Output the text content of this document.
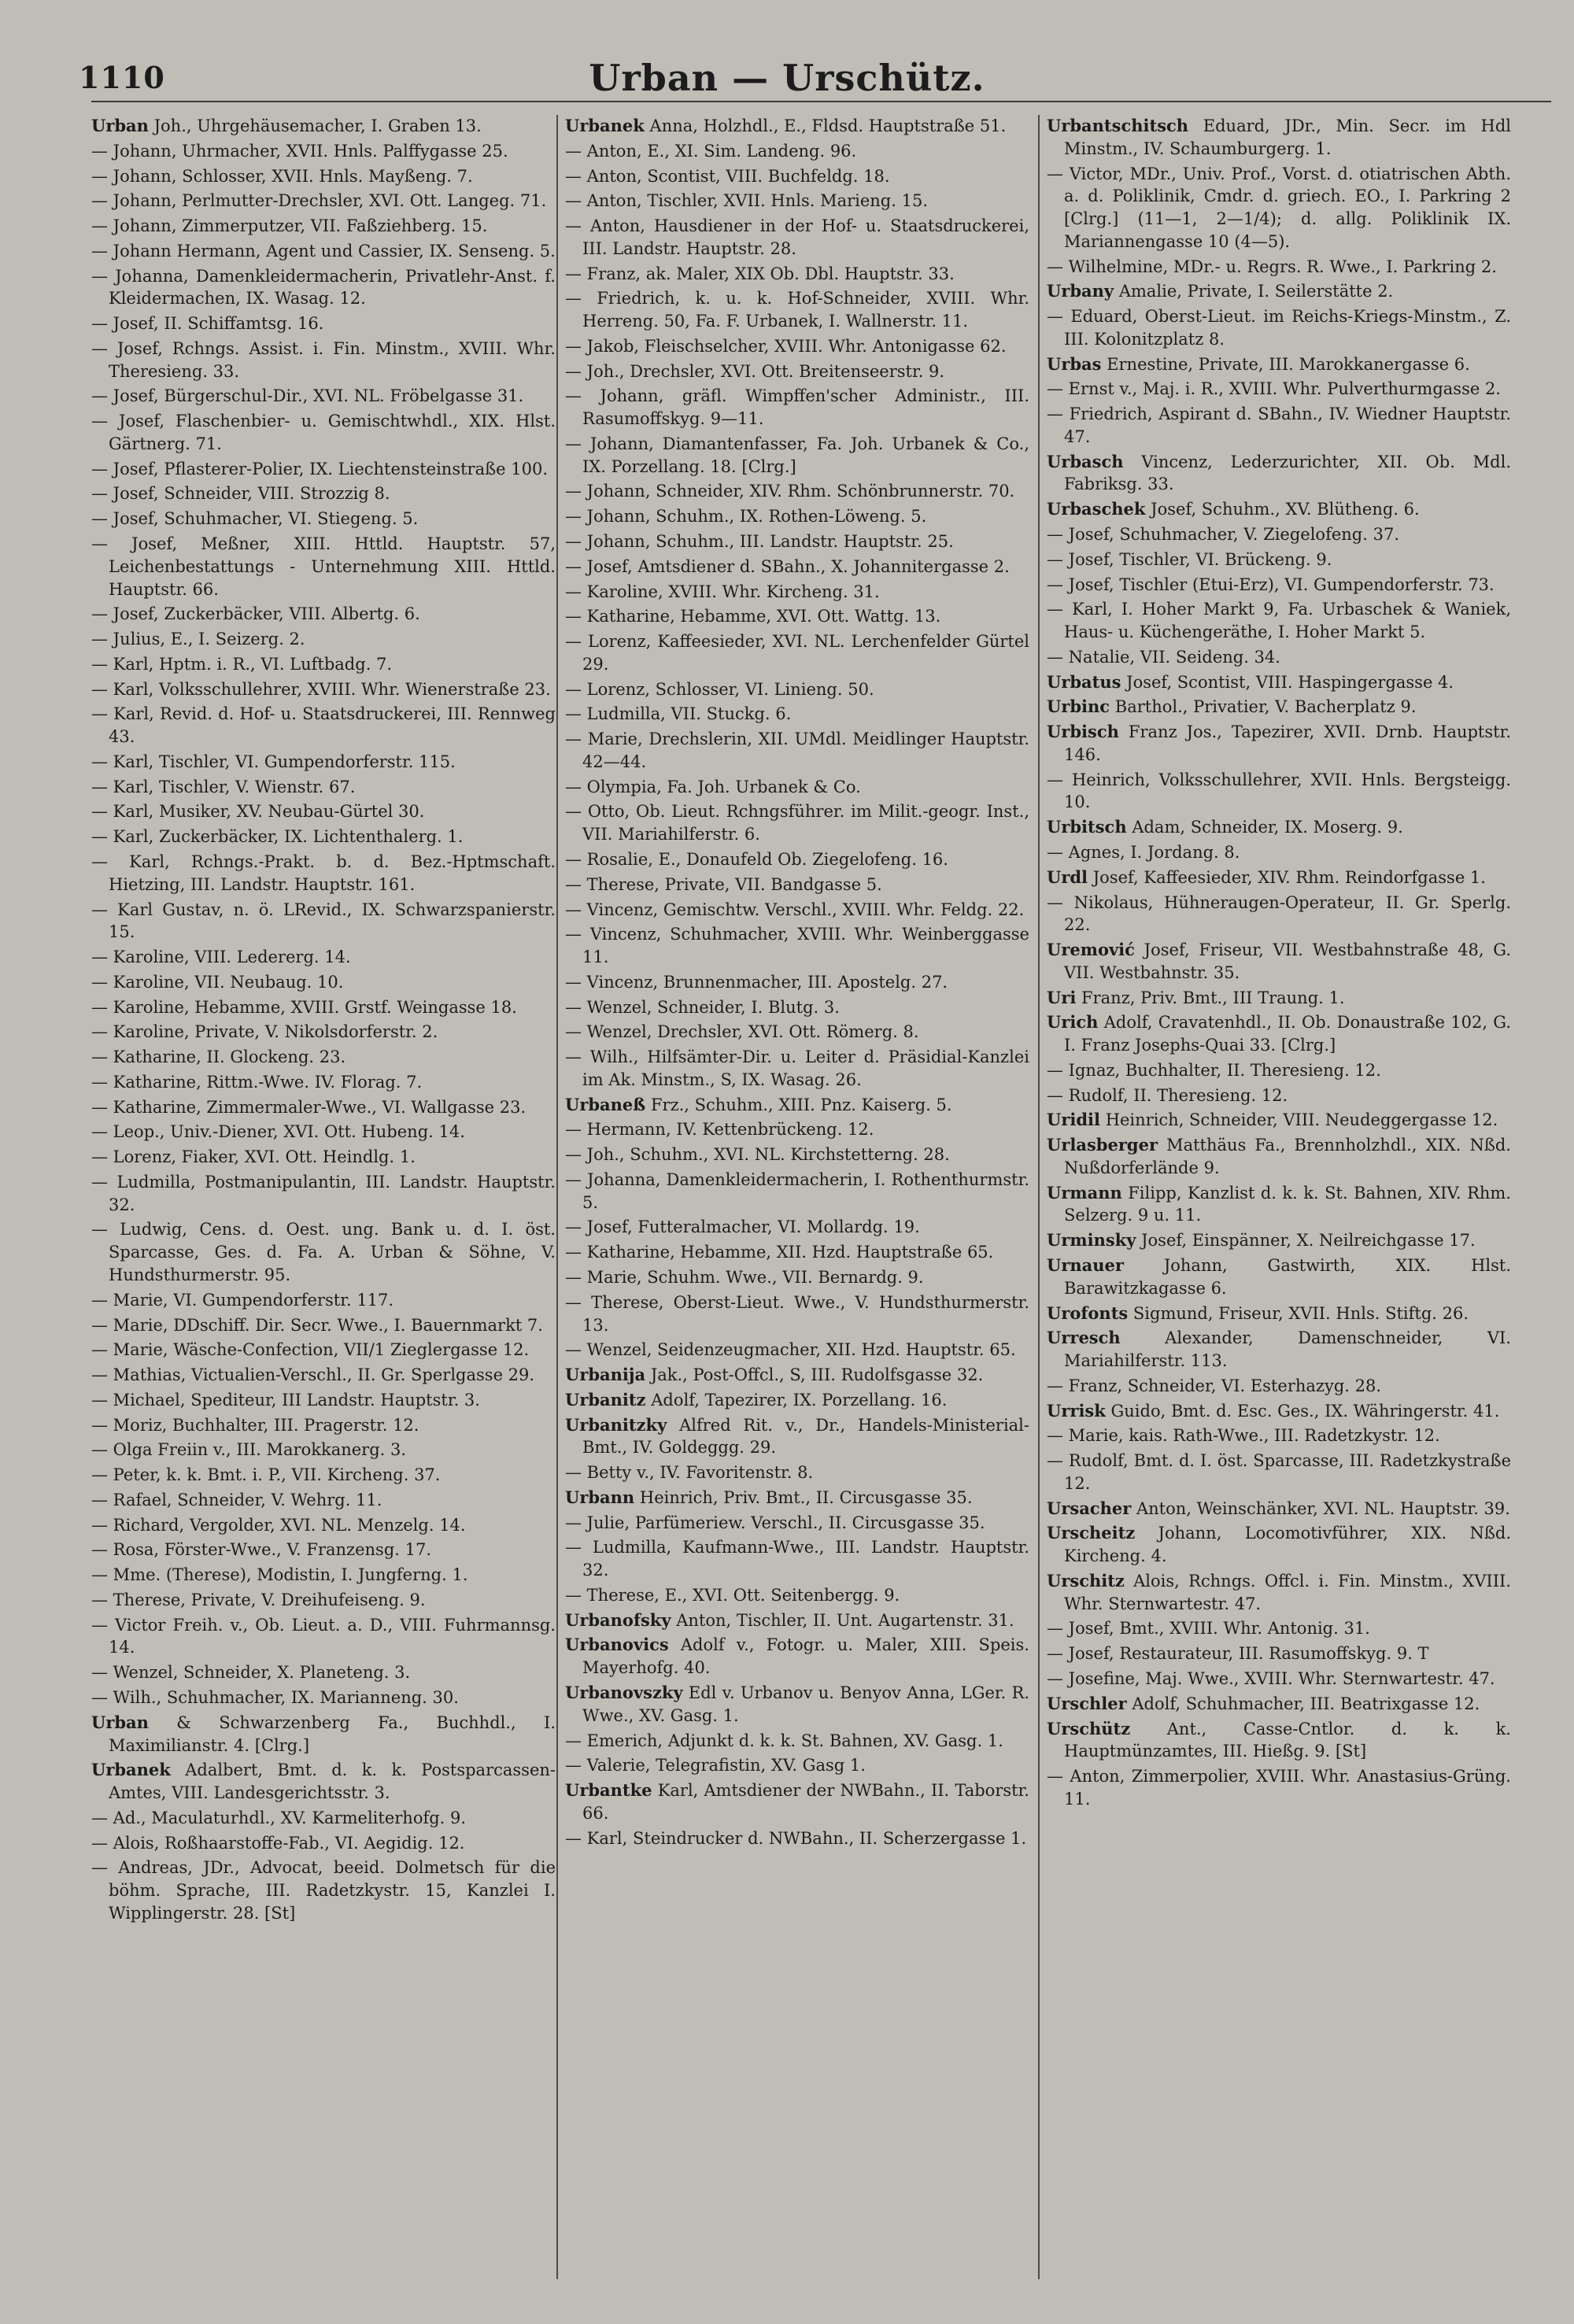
1110	Urban — Urschütz.

Urban Joh., Uhrgehäusemacher, I. Graben 13.

— Johann, Uhrmacher, XVII. Hnls. Palffygasse 25.

— Johann, Schlosser, XVII. Hnls. Mayßeng. 7.

— Johann, Perlmutter-Drechsler, XVI. Ott. Langeg. 71.

— Johann, Zimmerputzer, VII. Faßziehberg. 15.

— Johann Hermann, Agent und Cassier, IX. Senseng. 5.

— Johanna, Damenkleidermacherin, Privatlehr-Anst. f. Kleidermachen, IX. Wasag. 12.

— Josef, II. Schiffamtsg. 16.

— Josef, Rchngs. Assist. i. Fin. Minstm., XVIII. Whr. Theresieng. 33.

— Josef, Bürgerschul-Dir., XVI. NL. Fröbelgasse 31.

— Josef, Flaschenbier- u. Gemischtwhdl., XIX. Hlst. Gärtnerg. 71.

— Josef, Pflasterer-Polier, IX. Liechtensteinstraße 100.

— Josef, Schneider, VIII. Strozzig 8.

— Josef, Schuhmacher, VI. Stiegeng. 5.

— Josef, Meßner, XIII. Httld. Hauptstr. 57, Leichenbestattungs - Unternehmung XIII. Httld. Hauptstr. 66.

— Josef, Zuckerbäcker, VIII. Albertg. 6.

— Julius, E., I. Seizerg. 2.

— Karl, Hptm. i. R., VI. Luftbadg. 7.

— Karl, Volksschullehrer, XVIII. Whr. Wienerstraße 23.

— Karl, Revid. d. Hof- u. Staatsdruckerei, III. Rennweg 43.

— Karl, Tischler, VI. Gumpendorferstr. 115.

— Karl, Tischler, V. Wienstr. 67.

— Karl, Musiker, XV. Neubau-Gürtel 30.

— Karl, Zuckerbäcker, IX. Lichtenthalerg. 1.

— Karl, Rchngs.-Prakt. b. d. Bez.-Hptmschaft. Hietzing, III. Landstr. Hauptstr. 161.

— Karl Gustav, n. ö. LRevid., IX. Schwarzspanierstr. 15.

— Karoline, VIII. Ledererg. 14.

— Karoline, VII. Neubaug. 10.

— Karoline, Hebamme, XVIII. Grstf. Weingasse 18.

— Karoline, Private, V. Nikolsdorferstr. 2.

— Katharine, II. Glockeng. 23.

— Katharine, Rittm.-Wwe. IV. Florag. 7.

— Katharine, Zimmermaler-Wwe., VI. Wallgasse 23.

— Leop., Univ.-Diener, XVI. Ott. Hubeng. 14.

— Lorenz, Fiaker, XVI. Ott. Heindlg. 1.

— Ludmilla, Postmanipulantin, III. Landstr. Hauptstr. 32.

— Ludwig, Cens. d. Oest. ung. Bank u. d. I. öst. Sparcasse, Ges. d. Fa. A. Urban & Söhne, V. Hundsthurmerstr. 95.

— Marie, VI. Gumpendorferstr. 117.

— Marie, DDschiff. Dir. Secr. Wwe., I. Bauernmarkt 7.

— Marie, Wäsche-Confection, VII/1 Zieglergasse 12.

— Mathias, Victualien-Verschl., II. Gr. Sperlgasse 29.

— Michael, Spediteur, III Landstr. Hauptstr. 3.

— Moriz, Buchhalter, III. Pragerstr. 12.

— Olga Freiin v., III. Marokkanerg. 3.

— Peter, k. k. Bmt. i. P., VII. Kircheng. 37.

— Rafael, Schneider, V. Wehrg. 11.

— Richard, Vergolder, XVI. NL. Menzelg. 14.

— Rosa, Förster-Wwe., V. Franzensg. 17.

— Mme. (Therese), Modistin, I. Jungferng. 1.

— Therese, Private, V. Dreihufeiseng. 9.

— Victor Freih. v., Ob. Lieut. a. D., VIII. Fuhrmannsg. 14.

— Wenzel, Schneider, X. Planeteng. 3.

— Wilh., Schuhmacher, IX. Marianneng. 30.

Urban & Schwarzenberg Fa., Buchhdl., I. Maximilianstr. 4. [Clrg.]

Urbanek Adalbert, Bmt. d. k. k. Postsparcassen-Amtes, VIII. Landesgerichtsstr. 3.

— Ad., Maculaturhdl., XV. Karmeliterhofg. 9.

— Alois, Roßhaarstoffe-Fab., VI. Aegidig. 12.

— Andreas, JDr., Advocat, beeid. Dolmetsch für die böhm. Sprache, III. Radetzkystr. 15, Kanzlei I. Wipplingerstr. 28. [St]

Urbanek Anna, Holzhdl., E., Fldsd. Hauptstraße 51.

— Anton, E., XI. Sim. Landeng. 96.

— Anton, Scontist, VIII. Buchfeldg. 18.

— Anton, Tischler, XVII. Hnls. Marieng. 15.

— Anton, Hausdiener in der Hof- u. Staatsdruckerei, III. Landstr. Hauptstr. 28.

— Franz, ak. Maler, XIX Ob. Dbl. Hauptstr. 33.

— Friedrich, k. u. k. Hof-Schneider, XVIII. Whr. Herreng. 50, Fa. F. Urbanek, I. Wallnerstr. 11.

— Jakob, Fleischselcher, XVIII. Whr. Antonigasse 62.

— Joh., Drechsler, XVI. Ott. Breitenseerstr. 9.

— Johann, gräfl. Wimpffen'scher Administr., III. Rasumoffskyg. 9—11.

— Johann, Diamantenfasser, Fa. Joh. Urbanek & Co., IX. Porzellang. 18. [Clrg.]

— Johann, Schneider, XIV. Rhm. Schönbrunnerstr. 70.

— Johann, Schuhm., IX. Rothen-Löweng. 5.

— Johann, Schuhm., III. Landstr. Hauptstr. 25.

— Josef, Amtsdiener d. SBahn., X. Johannitergasse 2.

— Karoline, XVIII. Whr. Kircheng. 31.

— Katharine, Hebamme, XVI. Ott. Wattg. 13.

— Lorenz, Kaffeesieder, XVI. NL. Lerchenfelder Gürtel 29.

— Lorenz, Schlosser, VI. Linieng. 50.

— Ludmilla, VII. Stuckg. 6.

— Marie, Drechslerin, XII. UMdl. Meidlinger Hauptstr. 42—44.

— Olympia, Fa. Joh. Urbanek & Co.

— Otto, Ob. Lieut. Rchngsführer. im Milit.-geogr. Inst., VII. Mariahilferstr. 6.

— Rosalie, E., Donaufeld Ob. Ziegelofeng. 16.

— Therese, Private, VII. Bandgasse 5.

— Vincenz, Gemischtw. Verschl., XVIII. Whr. Feldg. 22.

— Vincenz, Schuhmacher, XVIII. Whr. Weinberggasse 11.

— Vincenz, Brunnenmacher, III. Apostelg. 27.

— Wenzel, Schneider, I. Blutg. 3.

— Wenzel, Drechsler, XVI. Ott. Römerg. 8.

— Wilh., Hilfsämter-Dir. u. Leiter d. Präsidial-Kanzlei im Ak. Minstm., S, IX. Wasag. 26.

Urbaneß Frz., Schuhm., XIII. Pnz. Kaiserg. 5.

— Hermann, IV. Kettenbrückeng. 12.

— Joh., Schuhm., XVI. NL. Kirchstetterng. 28.

— Johanna, Damenkleidermacherin, I. Rothenthurmstr. 5.

— Josef, Futteralmacher, VI. Mollardg. 19.

— Katharine, Hebamme, XII. Hzd. Hauptstraße 65.

— Marie, Schuhm. Wwe., VII. Bernardg. 9.

— Therese, Oberst-Lieut. Wwe., V. Hundsthurmerstr. 13.

— Wenzel, Seidenzeugmacher, XII. Hzd. Hauptstr. 65.

Urbanija Jak., Post-Offcl., S, III. Rudolfsgasse 32.

Urbanitz Adolf, Tapezirer, IX. Porzellang. 16.

Urbanitzky Alfred Rit. v., Dr., Handels-Ministerial-Bmt., IV. Goldeggg. 29.

— Betty v., IV. Favoritenstr. 8.

Urbann Heinrich, Priv. Bmt., II. Circusgasse 35.

— Julie, Parfümeriew. Verschl., II. Circusgasse 35.

— Ludmilla, Kaufmann-Wwe., III. Landstr. Hauptstr. 32.

— Therese, E., XVI. Ott. Seitenbergg. 9.

Urbanofsky Anton, Tischler, II. Unt. Augartenstr. 31.

Urbanovics Adolf v., Fotogr. u. Maler, XIII. Speis. Mayerhofg. 40.

Urbanovszky Edl v. Urbanov u. Benyov Anna, LGer. R. Wwe., XV. Gasg. 1.

— Emerich, Adjunkt d. k. k. St. Bahnen, XV. Gasg. 1.

— Valerie, Telegrafistin, XV. Gasg 1.

Urbantke Karl, Amtsdiener der NWBahn., II. Taborstr. 66.

— Karl, Steindrucker d. NWBahn., II. Scherzergasse 1.

Urbantschitsch Eduard, JDr., Min. Secr. im Hdl Minstm., IV. Schaumburgerg. 1.

— Victor, MDr., Univ. Prof., Vorst. d. otiatrischen Abth. a. d. Poliklinik, Cmdr. d. griech. EO., I. Parkring 2 [Clrg.] (11—1, 2—1/4); d. allg. Poliklinik IX. Mariannengasse 10 (4—5).

— Wilhelmine, MDr.- u. Regrs. R. Wwe., I. Parkring 2.

Urbany Amalie, Private, I. Seilerstätte 2.

— Eduard, Oberst-Lieut. im Reichs-Kriegs-Minstm., Z. III. Kolonitzplatz 8.

Urbas Ernestine, Private, III. Marokkanergasse 6.

— Ernst v., Maj. i. R., XVIII. Whr. Pulverthurmgasse 2.

— Friedrich, Aspirant d. SBahn., IV. Wiedner Hauptstr. 47.

Urbasch Vincenz, Lederzurichter, XII. Ob. Mdl. Fabriksg. 33.

Urbaschek Josef, Schuhm., XV. Blütheng. 6.

— Josef, Schuhmacher, V. Ziegelofeng. 37.

— Josef, Tischler, VI. Brückeng. 9.

— Josef, Tischler (Etui-Erz), VI. Gumpendorferstr. 73.

— Karl, I. Hoher Markt 9, Fa. Urbaschek & Waniek, Haus- u. Küchengeräthe, I. Hoher Markt 5.

— Natalie, VII. Seideng. 34.

Urbatus Josef, Scontist, VIII. Haspingergasse 4.

Urbinc Barthol., Privatier, V. Bacherplatz 9.

Urbisch Franz Jos., Tapezirer, XVII. Drnb. Hauptstr. 146.

— Heinrich, Volksschullehrer, XVII. Hnls. Bergsteigg. 10.

Urbitsch Adam, Schneider, IX. Moserg. 9.

— Agnes, I. Jordang. 8.

Urdl Josef, Kaffeesieder, XIV. Rhm. Reindorfgasse 1.

— Nikolaus, Hühneraugen-Operateur, II. Gr. Sperlg. 22.

Uremović Josef, Friseur, VII. Westbahnstraße 48, G. VII. Westbahnstr. 35.

Uri Franz, Priv. Bmt., III Traung. 1.

Urich Adolf, Cravatenhdl., II. Ob. Donaustraße 102, G. I. Franz Josephs-Quai 33. [Clrg.]

— Ignaz, Buchhalter, II. Theresieng. 12.

— Rudolf, II. Theresieng. 12.

Uridil Heinrich, Schneider, VIII. Neudeggergasse 12.

Urlasberger Matthäus Fa., Brennholzhdl., XIX. Nßd. Nußdorferlände 9.

Urmann Filipp, Kanzlist d. k. k. St. Bahnen, XIV. Rhm. Selzerg. 9 u. 11.

Urminsky Josef, Einspänner, X. Neilreichgasse 17.

Urnauer Johann, Gastwirth, XIX. Hlst. Barawitzkagasse 6.

Urofonts Sigmund, Friseur, XVII. Hnls. Stiftg. 26.

Urresch	Alexander, Damenschneider, VI. Mariahilferstr. 113.

— Franz, Schneider, VI. Esterhazyg. 28.

Urrisk Guido, Bmt. d. Esc. Ges., IX. Währingerstr. 41.

— Marie, kais. Rath-Wwe., III. Radetzkystr. 12.

— Rudolf, Bmt. d. I. öst. Sparcasse, III. Radetzkystraße 12.

Ursacher Anton, Weinschänker, XVI. NL. Hauptstr. 39.

Urscheitz Johann, Locomotivführer, XIX. Nßd. Kircheng. 4.

Urschitz Alois, Rchngs. Offcl. i. Fin. Minstm., XVIII. Whr. Sternwartestr. 47.

— Josef, Bmt., XVIII. Whr. Antonig. 31.

— Josef, Restaurateur, III. Rasumoffskyg. 9. T

— Josefine, Maj. Wwe., XVIII. Whr. Sternwartestr. 47.

Urschler Adolf, Schuhmacher, III. Beatrixgasse 12.

Urschütz Ant., Casse-Cntlor. d. k. k. Hauptmünzamtes, III. Hießg. 9. [St]

— Anton, Zimmerpolier, XVIII. Whr. Anastasius-Grüng. 11.
